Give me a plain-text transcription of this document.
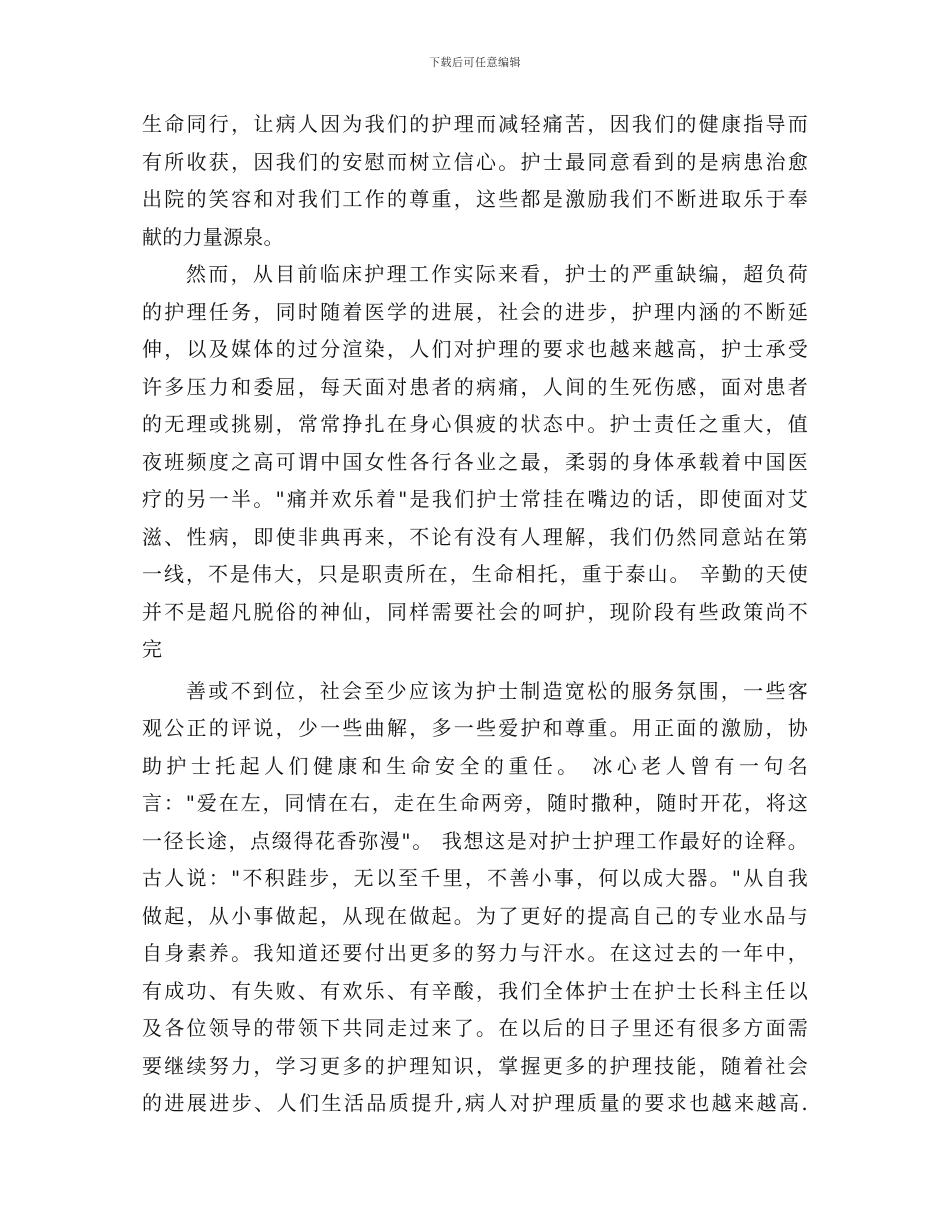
下载后可任意编辑
生命同行，让病人因为我们的护理而减轻痛苦，因我们的健康指导而
有所收获，因我们的安慰而树立信心。护士最同意看到的是病患治愈
出院的笑容和对我们工作的尊重，这些都是激励我们不断进取乐于奉
献的力量源泉。
然而，从目前临床护理工作实际来看，护士的严重缺编，超负荷
的护理任务，同时随着医学的进展，社会的进步，护理内涵的不断延
伸，以及媒体的过分渲染，人们对护理的要求也越来越高，护士承受
许多压力和委屈，每天面对患者的病痛，人间的生死伤感，面对患者
的无理或挑剔，常常挣扎在身心俱疲的状态中。护士责任之重大，值
夜班频度之高可谓中国女性各行各业之最，柔弱的身体承载着中国医
疗的另一半。"痛并欢乐着"是我们护士常挂在嘴边的话，即使面对艾
滋、性病，即使非典再来，不论有没有人理解，我们仍然同意站在第
一线，不是伟大，只是职责所在，生命相托，重于泰山。 辛勤的天使
并不是超凡脱俗的神仙，同样需要社会的呵护，现阶段有些政策尚不
完
善或不到位，社会至少应该为护士制造宽松的服务氛围，一些客
观公正的评说，少一些曲解，多一些爱护和尊重。用正面的激励，协
助护士托起人们健康和生命安全的重任。 冰心老人曾有一句名
言："爱在左，同情在右，走在生命两旁，随时撒种，随时开花，将这
一径长途，点缀得花香弥漫"。 我想这是对护士护理工作最好的诠释。
古人说："不积跬步，无以至千里，不善小事，何以成大器。"从自我
做起，从小事做起，从现在做起。为了更好的提高自己的专业水品与
自身素养。我知道还要付出更多的努力与汗水。在这过去的一年中，
有成功、有失败、有欢乐、有辛酸，我们全体护士在护士长科主任以
及各位领导的带领下共同走过来了。在以后的日子里还有很多方面需
要继续努力，学习更多的护理知识，掌握更多的护理技能，随着社会
的进展进步、人们生活品质提升,病人对护理质量的要求也越来越高.
